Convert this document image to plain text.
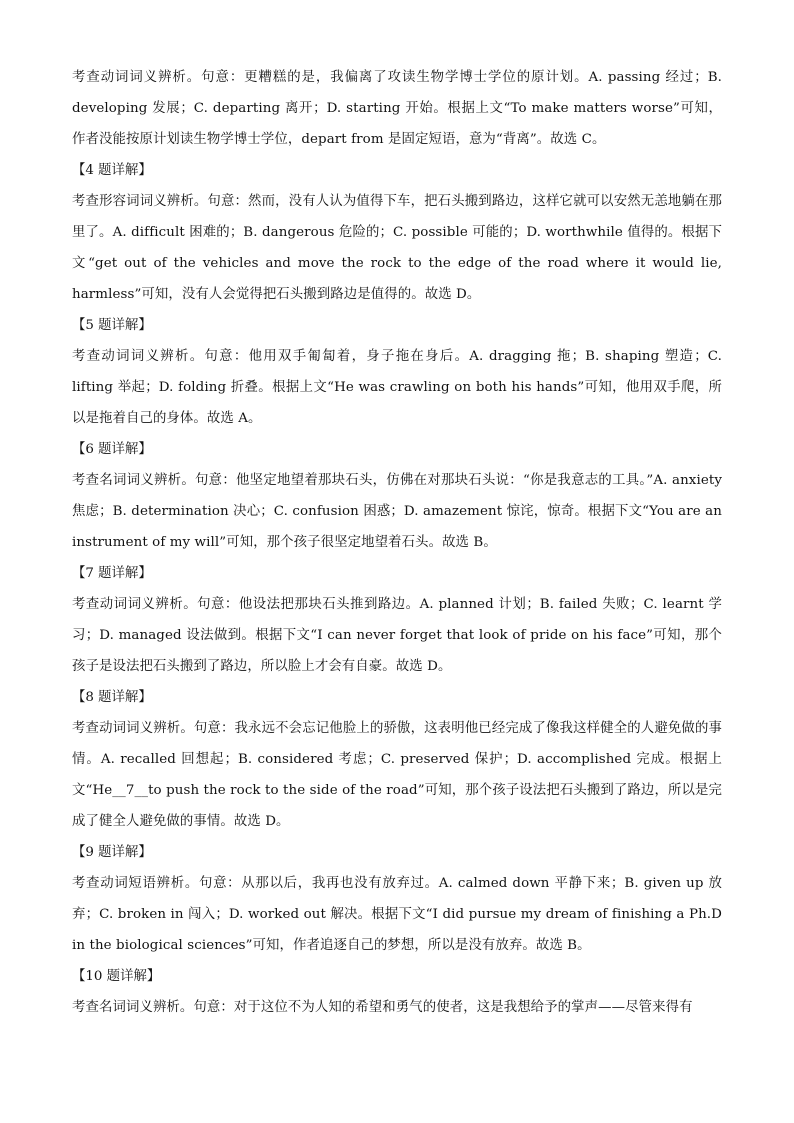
考查动词词义辨析。句意：更糟糕的是，我偏离了攻读生物学博士学位的原计划。A. passing 经过；B. developing 发展；C. departing 离开；D. starting 开始。根据上文“To make matters worse”可知，作者没能按原计划读生物学博士学位，depart from 是固定短语，意为“背离”。故选 C。

【4 题详解】

考查形容词词义辨析。句意：然而，没有人认为值得下车，把石头搬到路边，这样它就可以安然无恙地躺在那里了。A. difficult 困难的；B. dangerous 危险的；C. possible 可能的；D. worthwhile 值得的。根据下文“get out of the vehicles and move the rock to the edge of the road where it would lie, harmless”可知，没有人会觉得把石头搬到路边是值得的。故选 D。

【5 题详解】

考查动词词义辨析。句意：他用双手匍匐着，身子拖在身后。A. dragging 拖；B. shaping 塑造；C. lifting 举起；D. folding 折叠。根据上文“He was crawling on both his hands”可知，他用双手爬，所以是拖着自己的身体。故选 A。

【6 题详解】

考查名词词义辨析。句意：他坚定地望着那块石头，仿佛在对那块石头说：“你是我意志的工具。”A. anxiety 焦虑；B. determination 决心；C. confusion 困惑；D. amazement 惊诧，惊奇。根据下文“You are an instrument of my will”可知，那个孩子很坚定地望着石头。故选 B。

【7 题详解】

考查动词词义辨析。句意：他设法把那块石头推到路边。A. planned 计划；B. failed 失败；C. learnt 学习；D. managed 设法做到。根据下文“I can never forget that look of pride on his face”可知，那个孩子是设法把石头搬到了路边，所以脸上才会有自豪。故选 D。

【8 题详解】

考查动词词义辨析。句意：我永远不会忘记他脸上的骄傲，这表明他已经完成了像我这样健全的人避免做的事情。A. recalled 回想起；B. considered 考虑；C. preserved 保护；D. accomplished 完成。根据上文“He__7__to push the rock to the side of the road”可知，那个孩子设法把石头搬到了路边，所以是完成了健全人避免做的事情。故选 D。

【9 题详解】

考查动词短语辨析。句意：从那以后，我再也没有放弃过。A. calmed down 平静下来；B. given up 放弃；C. broken in 闯入；D. worked out 解决。根据下文“I did pursue my dream of finishing a Ph.D in the biological sciences”可知，作者追逐自己的梦想，所以是没有放弃。故选 B。

【10 题详解】

考查名词词义辨析。句意：对于这位不为人知的希望和勇气的使者，这是我想给予的掌声——尽管来得有
